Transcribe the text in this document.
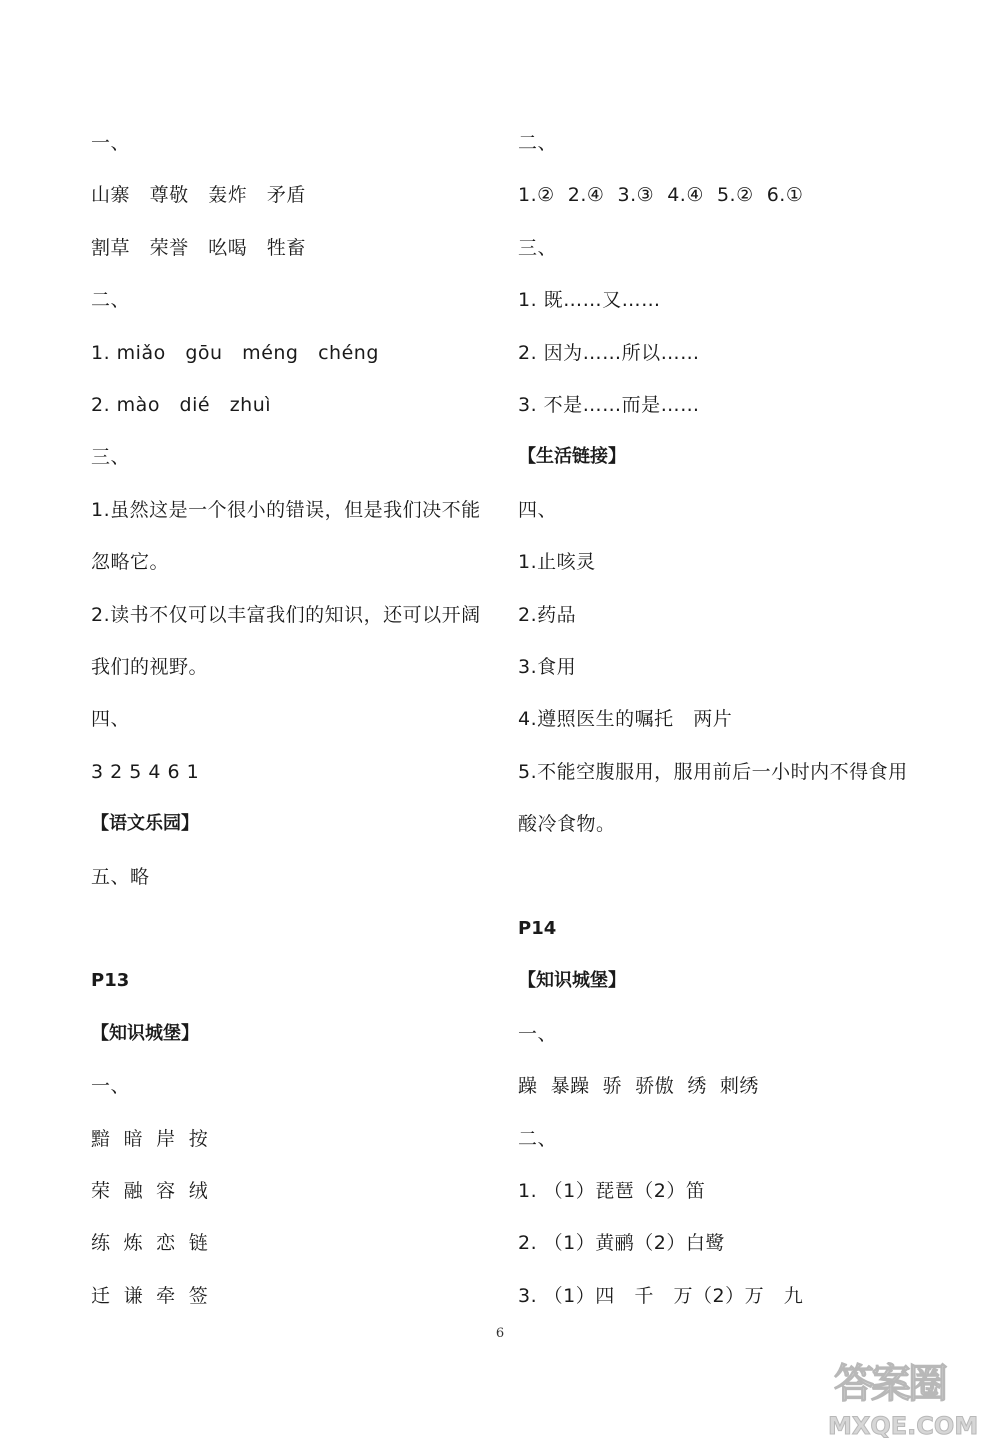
一、
山寨   尊敬   轰炸   矛盾
割草   荣誉   吆喝   牲畜
二、
1. miǎo   gōu   méng   chéng
2. mào   dié   zhuì
三、
1.虽然这是一个很小的错误，但是我们决不能
忽略它。
2.读书不仅可以丰富我们的知识，还可以开阔
我们的视野。
四、
3 2 5 4 6 1
【语文乐园】
五、略
P13
【知识城堡】
一、
黯  暗  岸  按
荣  融  容  绒
练  炼  恋  链
迁  谦  牵  签
二、
1.②  2.④  3.③  4.④  5.②  6.①
三、
1. 既……又……
2. 因为……所以……
3. 不是……而是……
【生活链接】
四、
1.止咳灵
2.药品
3.食用
4.遵照医生的嘱托   两片
5.不能空腹服用，服用前后一小时内不得食用
酸冷食物。
P14
【知识城堡】
一、
躁  暴躁  骄  骄傲  绣  刺绣
二、
1. （1）琵琶（2）笛
2. （1）黄鹂（2）白鹭
3. （1）四   千   万（2）万   九
6
答案圈
MXQE.COM
